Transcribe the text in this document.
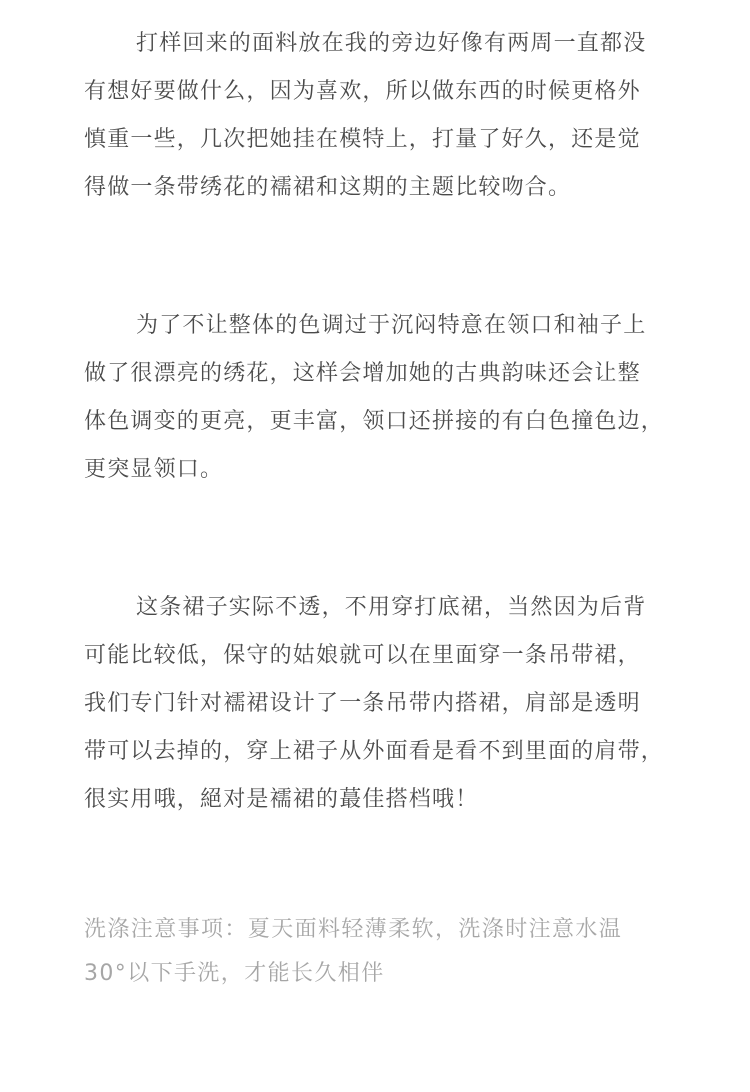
打样回来的面料放在我的旁边好像有两周一直都没
有想好要做什么，因为喜欢，所以做东西的时候更格外
慎重一些，几次把她挂在模特上，打量了好久，还是觉
得做一条带绣花的襦裙和这期的主题比较吻合。

为了不让整体的色调过于沉闷特意在领口和袖子上
做了很漂亮的绣花，这样会增加她的古典韵味还会让整
体色调变的更亮，更丰富，领口还拼接的有白色撞色边，
更突显领口。

这条裙子实际不透，不用穿打底裙，当然因为后背
可能比较低，保守的姑娘就可以在里面穿一条吊带裙，
我们专门针对襦裙设计了一条吊带内搭裙，肩部是透明
带可以去掉的，穿上裙子从外面看是看不到里面的肩带，
很实用哦，絕对是襦裙的蕞佳搭档哦！

洗涤注意事项：夏天面料轻薄柔软，洗涤时注意水温
30°以下手洗，才能长久相伴
